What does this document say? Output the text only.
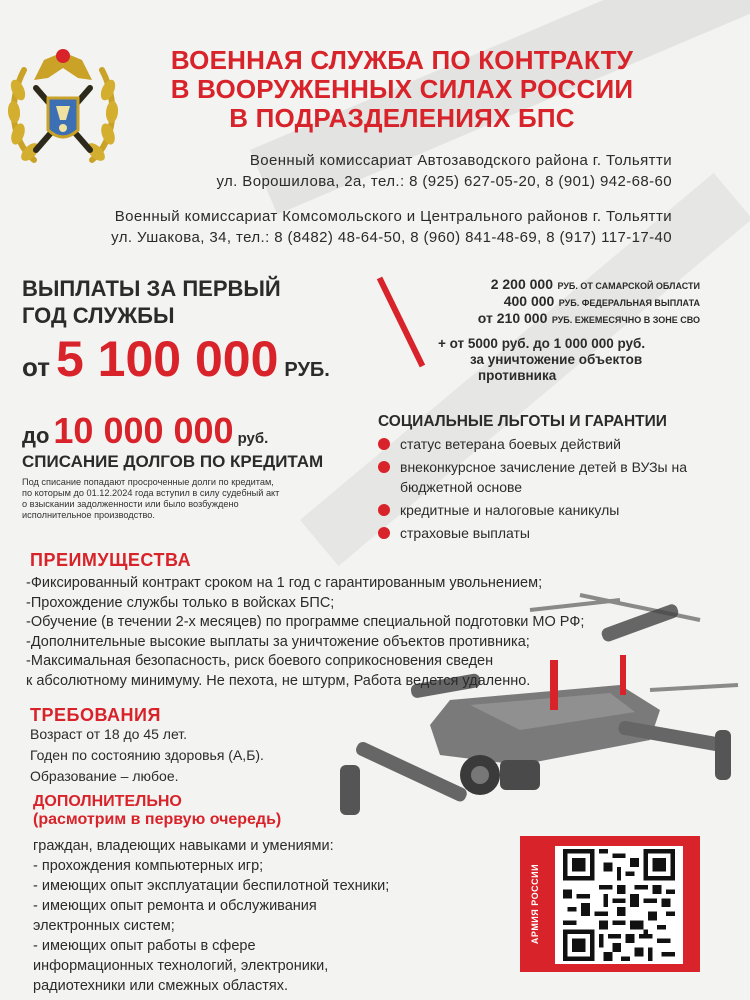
ВОЕННАЯ СЛУЖБА ПО КОНТРАКТУ
В ВООРУЖЕННЫХ СИЛАХ РОССИИ
В ПОДРАЗДЕЛЕНИЯХ БПС
Военный комиссариат Автозаводского района г. Тольятти
ул. Ворошилова, 2а, тел.: 8 (925) 627-05-20, 8 (901) 942-68-60
Военный комиссариат Комсомольского и Центрального районов г. Тольятти
ул. Ушакова, 34, тел.: 8 (8482) 48-64-50, 8 (960) 841-48-69, 8 (917) 117-17-40
ВЫПЛАТЫ ЗА ПЕРВЫЙ
ГОД СЛУЖБЫ
от 5 100 000 РУБ.
2 200 000 РУБ. ОТ САМАРСКОЙ ОБЛАСТИ
400 000 РУБ. ФЕДЕРАЛЬНАЯ ВЫПЛАТА
от 210 000 РУБ. ЕЖЕМЕСЯЧНО В ЗОНЕ СВО
+ от 5000 руб. до 1 000 000 руб.
за уничтожение объектов
противника
до 10 000 000 руб.
СПИСАНИЕ ДОЛГОВ ПО КРЕДИТАМ
Под списание попадают просроченные долги по кредитам,
по которым до 01.12.2024 года вступил в силу судебный акт
о взыскании задолженности или было возбуждено
исполнительное производство.
СОЦИАЛЬНЫЕ ЛЬГОТЫ И ГАРАНТИИ
статус ветерана боевых действий
внеконкурсное зачисление детей в ВУЗы на бюджетной основе
кредитные и налоговые каникулы
страховые выплаты
ПРЕИМУЩЕСТВА
-Фиксированный контракт сроком на 1 год с гарантированным увольнением;
-Прохождение службы только в войсках БПС;
-Обучение (в течении 2-х месяцев) по программе специальной подготовки МО РФ;
-Дополнительные высокие выплаты за уничтожение объектов противника;
-Максимальная безопасность, риск боевого соприкосновения сведен
к абсолютному минимуму. Не пехота, не штурм, Работа ведется удаленно.
ТРЕБОВАНИЯ
Возраст от 18 до 45 лет.
Годен по состоянию здоровья (А,Б).
Образование – любое.
ДОПОЛНИТЕЛЬНО
(расмотрим в первую очередь)
граждан, владеющих навыками и умениями:
- прохождения компьютерных игр;
- имеющих опыт эксплуатации беспилотной техники;
- имеющих опыт ремонта и обслуживания
электронных систем;
- имеющих опыт работы в сфере
информационных технологий, электроники,
радиотехники или смежных областях.
АРМИЯ РОССИИ
